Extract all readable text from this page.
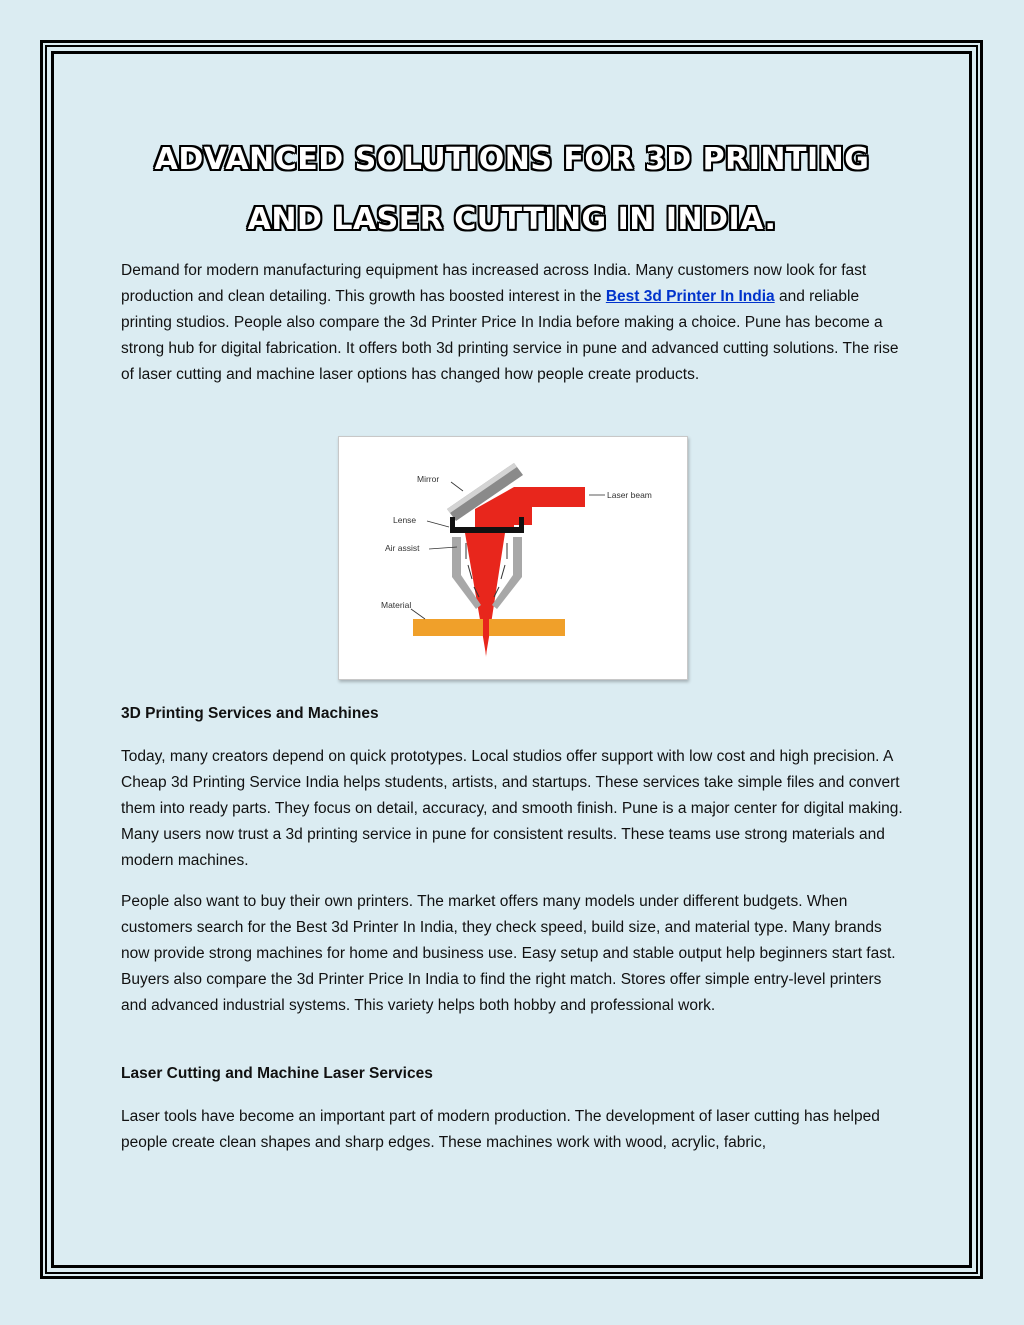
ADVANCED SOLUTIONS FOR 3D PRINTING
AND LASER CUTTING IN INDIA.

Demand for modern manufacturing equipment has increased across India. Many customers now look for fast production and clean detailing. This growth has boosted interest in the Best 3d Printer In India and reliable printing studios. People also compare the 3d Printer Price In India before making a choice. Pune has become a strong hub for digital fabrication. It offers both 3d printing service in pune and advanced cutting solutions. The rise of laser cutting and machine laser options has changed how people create products.

Mirror
Laser beam
Lense
Air assist
Material

3D Printing Services and Machines

Today, many creators depend on quick prototypes. Local studios offer support with low cost and high precision. A Cheap 3d Printing Service India helps students, artists, and startups. These services take simple files and convert them into ready parts. They focus on detail, accuracy, and smooth finish. Pune is a major center for digital making. Many users now trust a 3d printing service in pune for consistent results. These teams use strong materials and modern machines.

People also want to buy their own printers. The market offers many models under different budgets. When customers search for the Best 3d Printer In India, they check speed, build size, and material type. Many brands now provide strong machines for home and business use. Easy setup and stable output help beginners start fast. Buyers also compare the 3d Printer Price In India to find the right match. Stores offer simple entry-level printers and advanced industrial systems. This variety helps both hobby and professional work.

Laser Cutting and Machine Laser Services

Laser tools have become an important part of modern production. The development of laser cutting has helped people create clean shapes and sharp edges. These machines work with wood, acrylic, fabric,
